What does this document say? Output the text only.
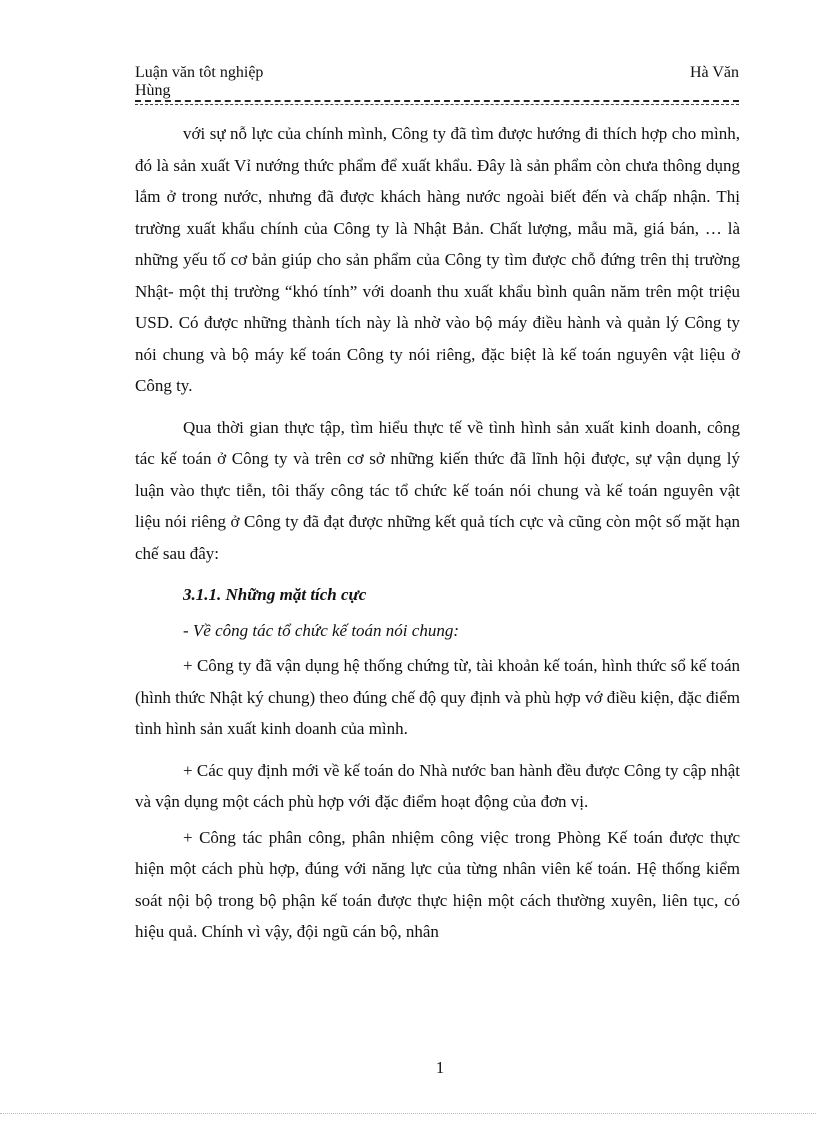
Luận văn tôt nghiệp
Hùng
Hà Văn

với sự nỗ lực của chính mình, Công ty đã tìm được hướng đi thích hợp cho mình, đó là sản xuất Vỉ nướng thức phẩm để xuất khẩu. Đây là sản phẩm còn chưa thông dụng lắm ở trong nước, nhưng đã được khách hàng nước ngoài biết đến và chấp nhận. Thị trường xuất khẩu chính của Công ty là Nhật Bản. Chất lượng, mẫu mã, giá bán, … là những yếu tố cơ bản giúp cho sản phẩm của Công ty tìm được chỗ đứng trên thị trường Nhật- một thị trường “khó tính” với doanh thu xuất khẩu bình quân năm trên một triệu USD. Có được những thành tích này là nhờ vào bộ máy điều hành và quản lý Công ty nói chung và bộ máy kế toán Công ty nói riêng, đặc biệt là kế toán nguyên vật liệu ở Công ty.

Qua thời gian thực tập, tìm hiểu thực tế về tình hình sản xuất kinh doanh, công tác kế toán ở Công ty và trên cơ sở những kiến thức đã lĩnh hội được, sự vận dụng lý luận vào thực tiễn, tôi thấy công tác tổ chức kế toán nói chung và kế toán nguyên vật liệu nói riêng ở Công ty đã đạt được những kết quả tích cực và cũng còn một số mặt hạn chế sau đây:

3.1.1. Những mặt tích cực

- Về công tác tổ chức kế toán nói chung:

+ Công ty đã vận dụng hệ thống chứng từ, tài khoản kế toán, hình thức sổ kế toán (hình thức Nhật ký chung) theo đúng chế độ quy định và phù hợp vớ điều kiện, đặc điểm tình hình sản xuất kinh doanh của mình.

+ Các quy định mới về kế toán do Nhà nước ban hành đều được Công ty cập nhật và vận dụng một cách phù hợp với đặc điểm hoạt động của đơn vị.

+ Công tác phân công, phân nhiệm công việc trong Phòng Kế toán được thực hiện một cách phù hợp, đúng với năng lực của từng nhân viên kế toán. Hệ thống kiểm soát nội bộ trong bộ phận kế toán được thực hiện một cách thường xuyên, liên tục, có hiệu quả. Chính vì vậy, đội ngũ cán bộ, nhân

1
